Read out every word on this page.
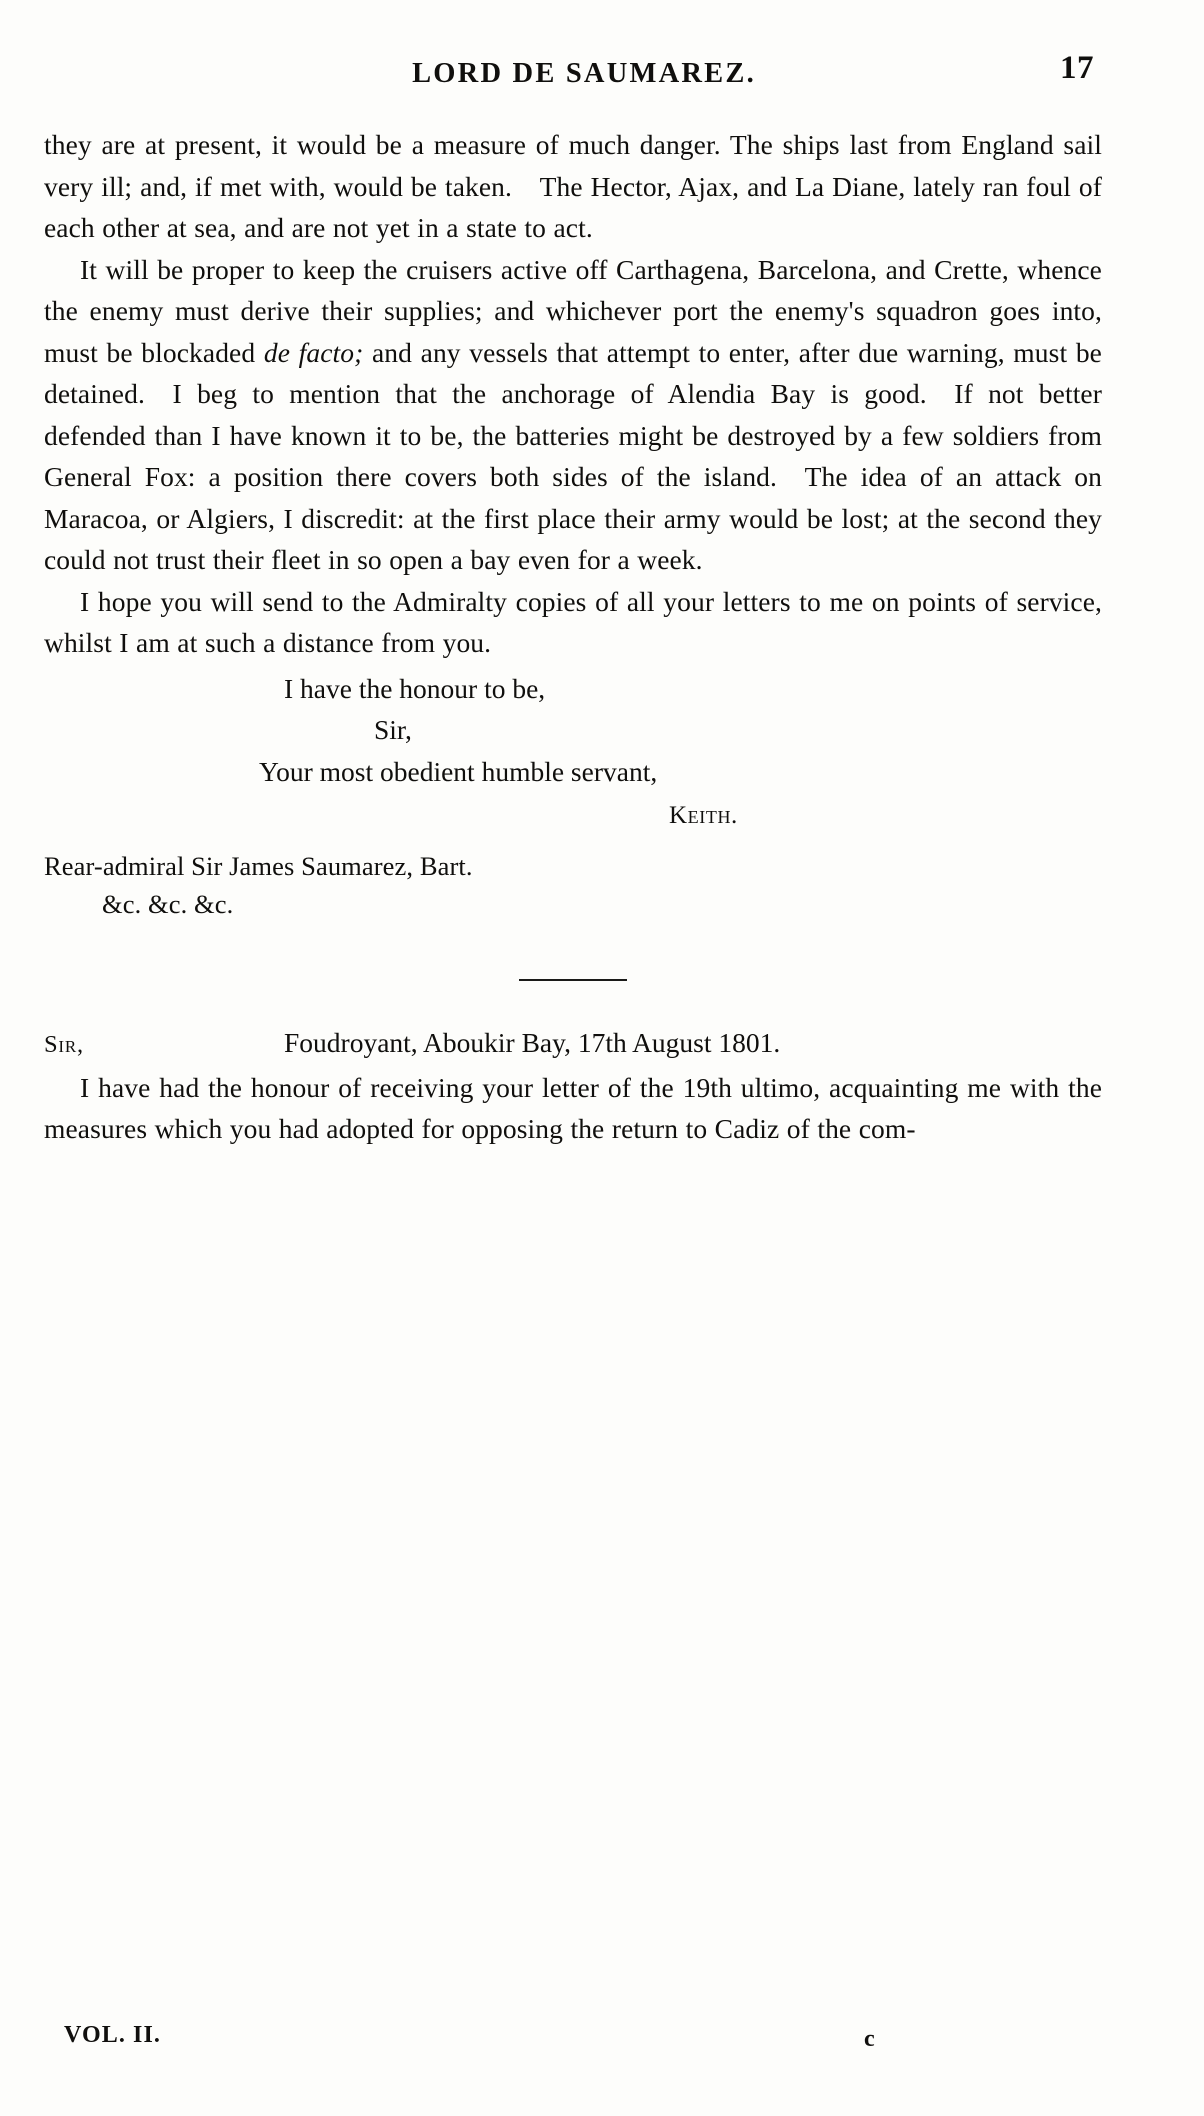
LORD DE SAUMAREZ.	17

they are at present, it would be a measure of much danger. The ships last from England sail very ill; and, if met with, would be taken. The Hector, Ajax, and La Diane, lately ran foul of each other at sea, and are not yet in a state to act.

It will be proper to keep the cruisers active off Carthagena, Barcelona, and Crette, whence the enemy must derive their supplies; and whichever port the enemy's squadron goes into, must be blockaded de facto; and any vessels that attempt to enter, after due warning, must be detained. I beg to mention that the anchorage of Alendia Bay is good. If not better defended than I have known it to be, the batteries might be destroyed by a few soldiers from General Fox: a position there covers both sides of the island. The idea of an attack on Maracoa, or Algiers, I discredit: at the first place their army would be lost; at the second they could not trust their fleet in so open a bay even for a week.

I hope you will send to the Admiralty copies of all your letters to me on points of service, whilst I am at such a distance from you.

I have the honour to be,
Sir,
Your most obedient humble servant,
Keith.
Rear-admiral Sir James Saumarez, Bart.
&c. &c. &c.
Sir,	Foudroyant, Aboukir Bay, 17th August 1801.

I have had the honour of receiving your letter of the 19th ultimo, acquainting me with the measures which you had adopted for opposing the return to Cadiz of the com-

VOL. II.	c
